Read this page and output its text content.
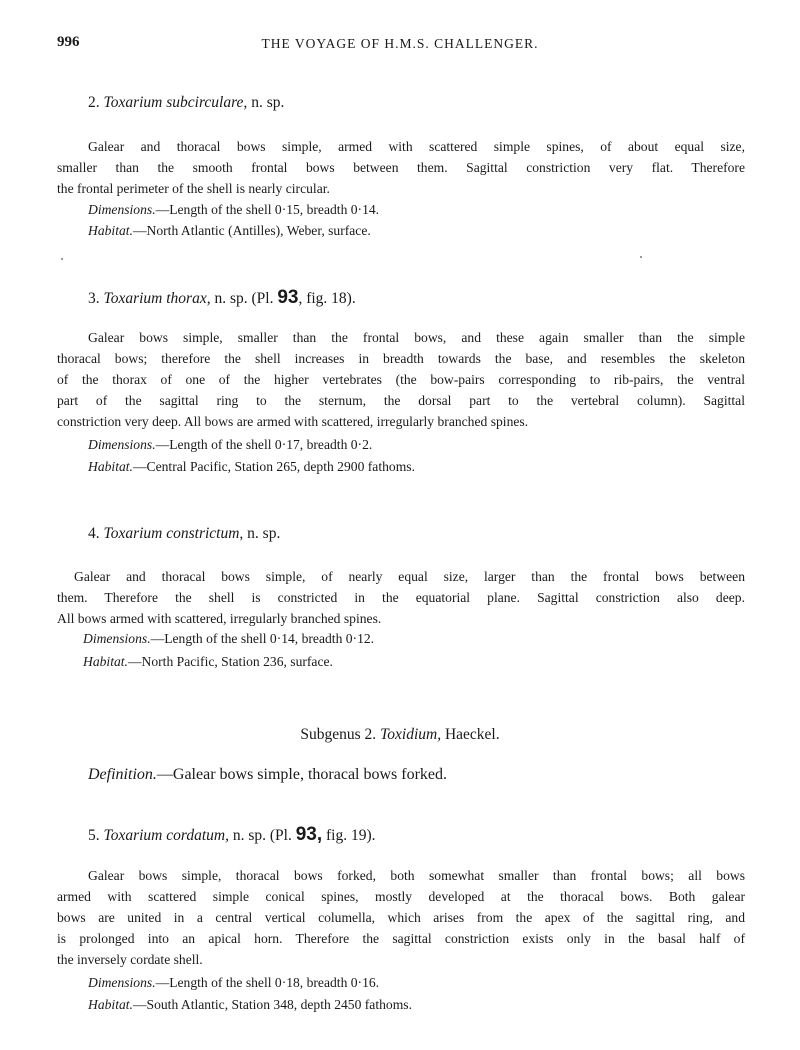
996	THE VOYAGE OF H.M.S. CHALLENGER.
2. Toxarium subcirculare, n. sp.
Galear and thoracal bows simple, armed with scattered simple spines, of about equal size,
smaller than the smooth frontal bows between them. Sagittal constriction very flat. Therefore
the frontal perimeter of the shell is nearly circular.
Dimensions.—Length of the shell 0·15, breadth 0·14.
Habitat.—North Atlantic (Antilles), Weber, surface.
3. Toxarium thorax, n. sp. (Pl. 93, fig. 18).
Galear bows simple, smaller than the frontal bows, and these again smaller than the simple
thoracal bows; therefore the shell increases in breadth towards the base, and resembles the skeleton
of the thorax of one of the higher vertebrates (the bow-pairs corresponding to rib-pairs, the ventral
part of the sagittal ring to the sternum, the dorsal part to the vertebral column). Sagittal
constriction very deep. All bows are armed with scattered, irregularly branched spines.
Dimensions.—Length of the shell 0·17, breadth 0·2.
Habitat.—Central Pacific, Station 265, depth 2900 fathoms.
4. Toxarium constrictum, n. sp.
Galear and thoracal bows simple, of nearly equal size, larger than the frontal bows between
them. Therefore the shell is constricted in the equatorial plane. Sagittal constriction also deep.
All bows armed with scattered, irregularly branched spines.
Dimensions.—Length of the shell 0·14, breadth 0·12.
Habitat.—North Pacific, Station 236, surface.
Subgenus 2. Toxidium, Haeckel.
Definition.—Galear bows simple, thoracal bows forked.
5. Toxarium cordatum, n. sp. (Pl. 93, fig. 19).
Galear bows simple, thoracal bows forked, both somewhat smaller than frontal bows; all bows
armed with scattered simple conical spines, mostly developed at the thoracal bows. Both galear
bows are united in a central vertical columella, which arises from the apex of the sagittal ring, and
is prolonged into an apical horn. Therefore the sagittal constriction exists only in the basal half of
the inversely cordate shell.
Dimensions.—Length of the shell 0·18, breadth 0·16.
Habitat.—South Atlantic, Station 348, depth 2450 fathoms.
